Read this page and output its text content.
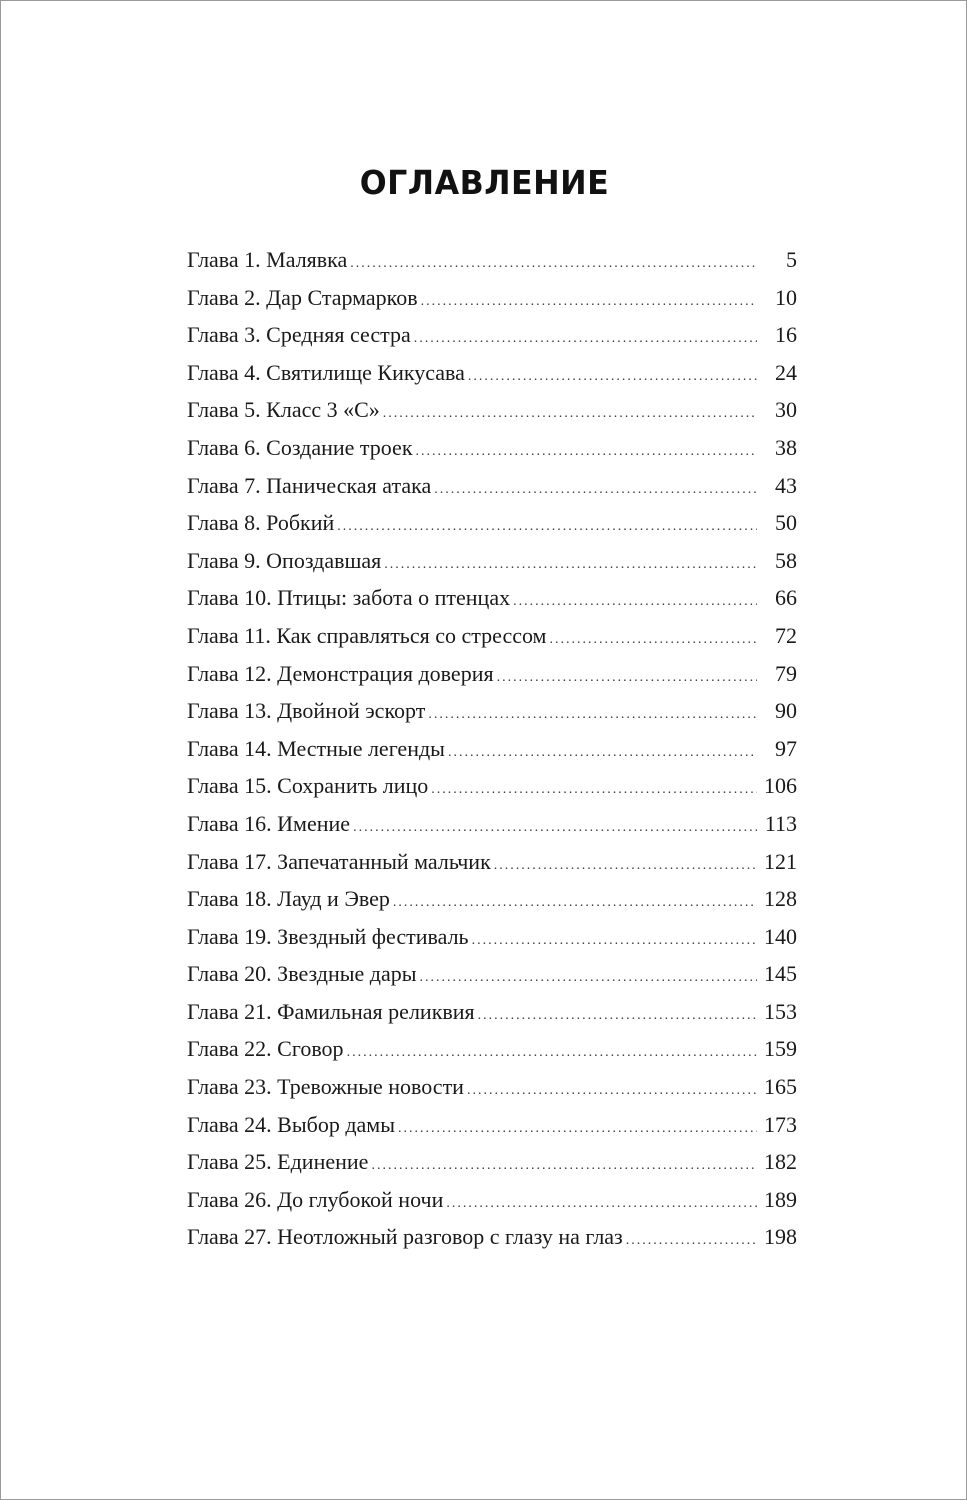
ОГЛАВЛЕНИЕ
Глава 1. Малявка .....	5
Глава 2. Дар Стармарков .....	10
Глава 3. Средняя сестра .....	16
Глава 4. Святилище Кикусава .....	24
Глава 5. Класс 3 «С» .....	30
Глава 6. Создание троек .....	38
Глава 7. Паническая атака .....	43
Глава 8. Робкий .....	50
Глава 9. Опоздавшая .....	58
Глава 10. Птицы: забота о птенцах .....	66
Глава 11. Как справляться со стрессом .....	72
Глава 12. Демонстрация доверия .....	79
Глава 13. Двойной эскорт .....	90
Глава 14. Местные легенды .....	97
Глава 15. Сохранить лицо .....	106
Глава 16. Имение .....	113
Глава 17. Запечатанный мальчик .....	121
Глава 18. Лауд и Эвер .....	128
Глава 19. Звездный фестиваль .....	140
Глава 20. Звездные дары .....	145
Глава 21. Фамильная реликвия .....	153
Глава 22. Сговор .....	159
Глава 23. Тревожные новости .....	165
Глава 24. Выбор дамы .....	173
Глава 25. Единение .....	182
Глава 26. До глубокой ночи .....	189
Глава 27. Неотложный разговор с глазу на глаз .....	198
